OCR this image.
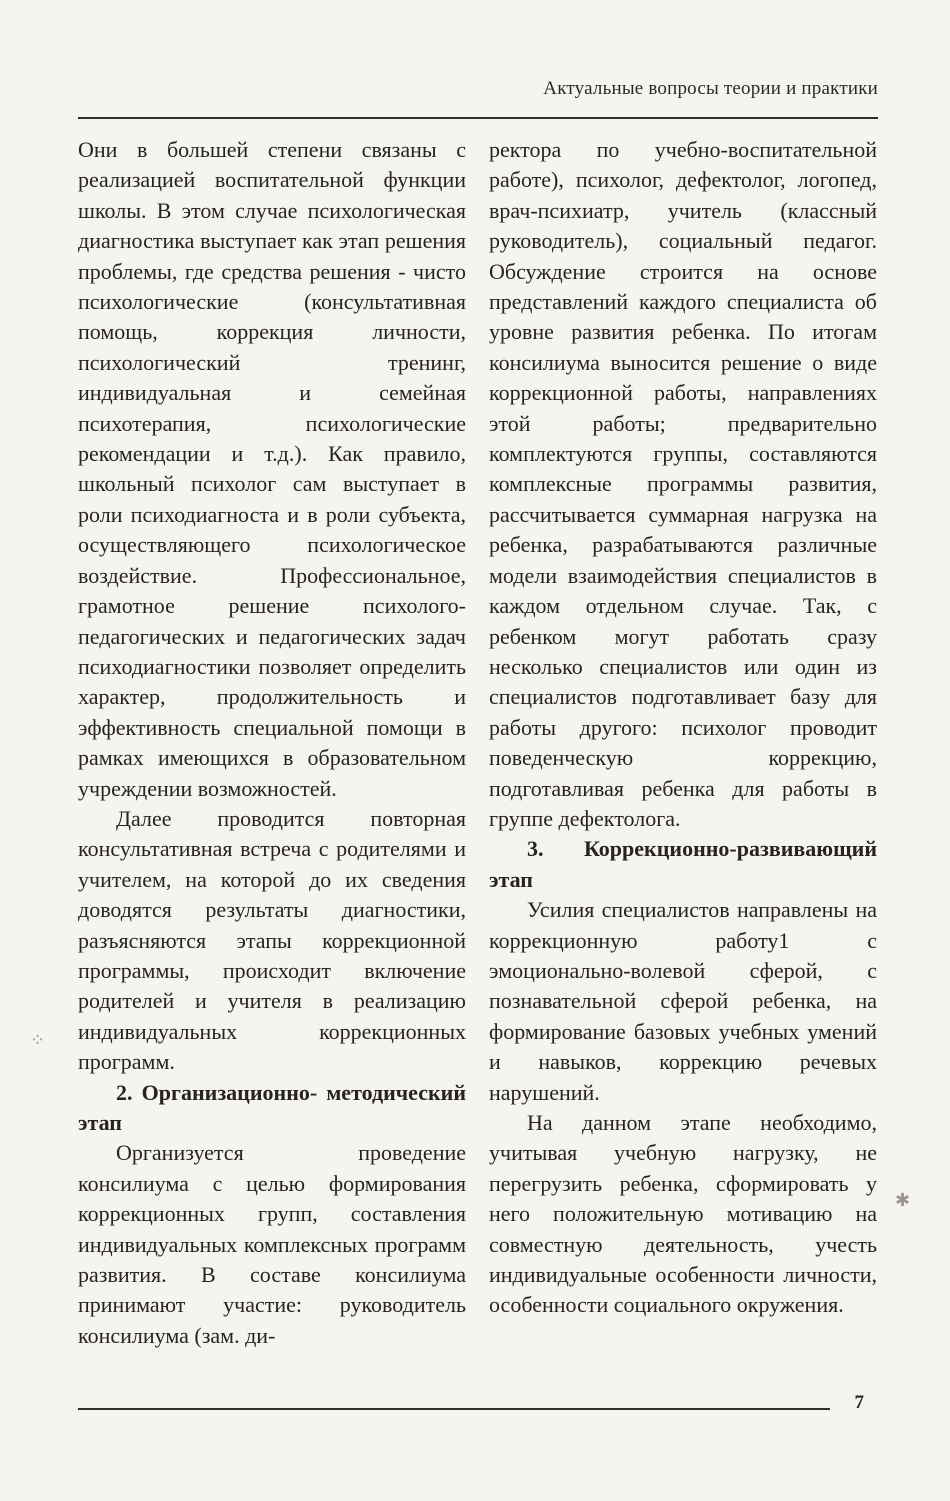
Актуальные вопросы теории и практики

Они в большей степени связаны с реализацией воспитательной функции школы. В этом случае психологическая диагностика выступает как этап решения проблемы, где средства решения - чисто психологические (консультативная помощь, коррекция личности, психологический тренинг, индивидуальная и семейная психотерапия, психологические рекомендации и т.д.). Как правило, школьный психолог сам выступает в роли психодиагноста и в роли субъекта, осуществляющего психологическое воздействие. Профессиональное, грамотное решение психолого-педагогических и педагогических задач психодиагностики позволяет определить характер, продолжительность и эффективность специальной помощи в рамках имеющихся в образовательном учреждении возможностей.

Далее проводится повторная консультативная встреча с родителями и учителем, на которой до их сведения доводятся результаты диагностики, разъясняются этапы коррекционной программы, происходит включение родителей и учителя в реализацию индивидуальных коррекционных программ.

2. Организационно- методический этап

Организуется проведение консилиума с целью формирования коррекционных групп, составления индивидуальных комплексных программ развития. В составе консилиума принимают участие: руководитель консилиума (зам. ди-

ректора по учебно-воспитательной работе), психолог, дефектолог, логопед, врач-психиатр, учитель (классный руководитель), социальный педагог. Обсуждение строится на основе представлений каждого специалиста об уровне развития ребенка. По итогам консилиума выносится решение о виде коррекционной работы, направлениях этой работы; предварительно комплектуются группы, составляются комплексные программы развития, рассчитывается суммарная нагрузка на ребенка, разрабатываются различные модели взаимодействия специалистов в каждом отдельном случае. Так, с ребенком могут работать сразу несколько специалистов или один из специалистов подготавливает базу для работы другого: психолог проводит поведенческую коррекцию, подготавливая ребенка для работы в группе дефектолога.

3. Коррекционно-развивающий этап

Усилия специалистов направлены на коррекционную работу1 с эмоционально-волевой сферой, с познавательной сферой ребенка, на формирование базовых учебных умений и навыков, коррекцию речевых нарушений.

На данном этапе необходимо, учитывая учебную нагрузку, не перегрузить ребенка, сформировать у него положительную мотивацию на совместную деятельность, учесть индивидуальные особенности личности, особенности социального окружения.

7
⁘
✱
